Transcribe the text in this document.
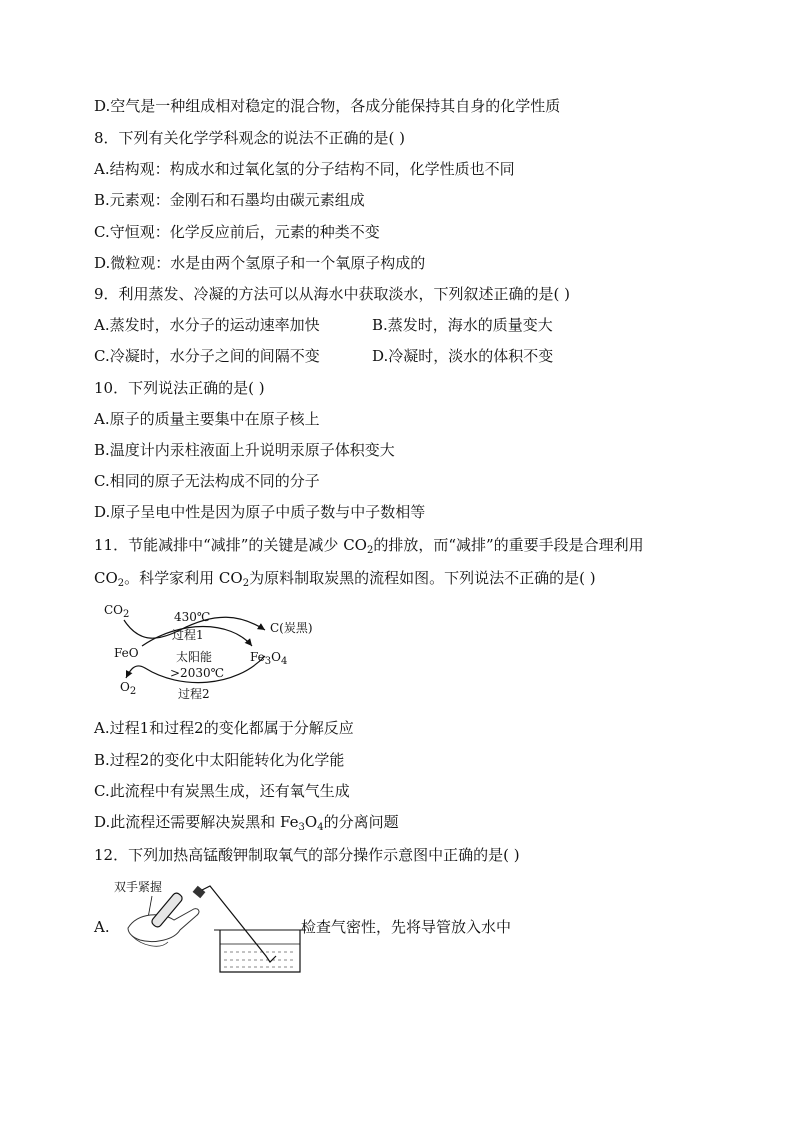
D.空气是一种组成相对稳定的混合物，各成分能保持其自身的化学性质
8．下列有关化学学科观念的说法不正确的是( )
A.结构观：构成水和过氧化氢的分子结构不同，化学性质也不同
B.元素观：金刚石和石墨均由碳元素组成
C.守恒观：化学反应前后，元素的种类不变
D.微粒观：水是由两个氢原子和一个氧原子构成的
9．利用蒸发、冷凝的方法可以从海水中获取淡水，下列叙述正确的是( )
A.蒸发时，水分子的运动速率加快	B.蒸发时，海水的质量变大
C.冷凝时，水分子之间的间隔不变	D.冷凝时，淡水的体积不变
10．下列说法正确的是( )
A.原子的质量主要集中在原子核上
B.温度计内汞柱液面上升说明汞原子体积变大
C.相同的原子无法构成不同的分子
D.原子呈电中性是因为原子中质子数与中子数相等
11．节能减排中“减排”的关键是减少 $CO_2$的排放，而“减排”的重要手段是合理利用
$CO_2$。科学家利用 $CO_2$为原料制取炭黑的流程如图。下列说法不正确的是( )
$CO_2$	430℃
过程1	C(炭黑)
FeO	太阳能	$Fe_3O_4$
>2030℃
$O_2$	过程2
A.过程1和过程2的变化都属于分解反应
B.过程2的变化中太阳能转化为化学能
C.此流程中有炭黑生成，还有氧气生成
D.此流程还需要解决炭黑和 $Fe_3O_4$的分离问题
12．下列加热高锰酸钾制取氧气的部分操作示意图中正确的是( )
A.
双手紧握
检查气密性，先将导管放入水中
